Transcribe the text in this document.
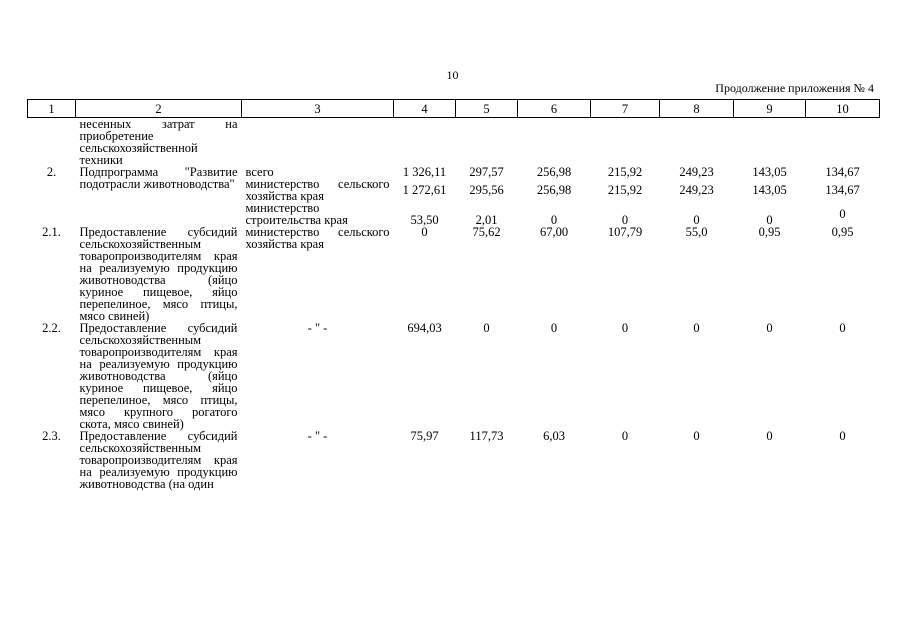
10
Продолжение приложения № 4
1	2	3	4	5	6	7	8	9	10
	несенных затрат на приобретение сельскохозяйственной техники								
2.	Подпрограмма "Развитие подотрасли животноводства"	всего	1 326,11	297,57	256,98	215,92	249,23	143,05	134,67
		министерство сельского хозяйства края	1 272,61	295,56	256,98	215,92	249,23	143,05	134,67
		министерство строительства края	53,50	2,01	0	0	0	0	0
2.1.	Предоставление субсидий сельскохозяйственным товаропроизводителям края на реализуемую продукцию животноводства (яйцо куриное пищевое, яйцо перепелиное, мясо птицы, мясо свиней)	министерство сельского хозяйства края	0	75,62	67,00	107,79	55,0	0,95	0,95
2.2.	Предоставление субсидий сельскохозяйственным товаропроизводителям края на реализуемую продукцию животноводства (яйцо куриное пищевое, яйцо перепелиное, мясо птицы, мясо крупного рогатого скота, мясо свиней)	- " -	694,03	0	0	0	0	0	0
2.3.	Предоставление субсидий сельскохозяйственным товаропроизводителям края на реализуемую продукцию животноводства (на один	- " -	75,97	117,73	6,03	0	0	0	0
